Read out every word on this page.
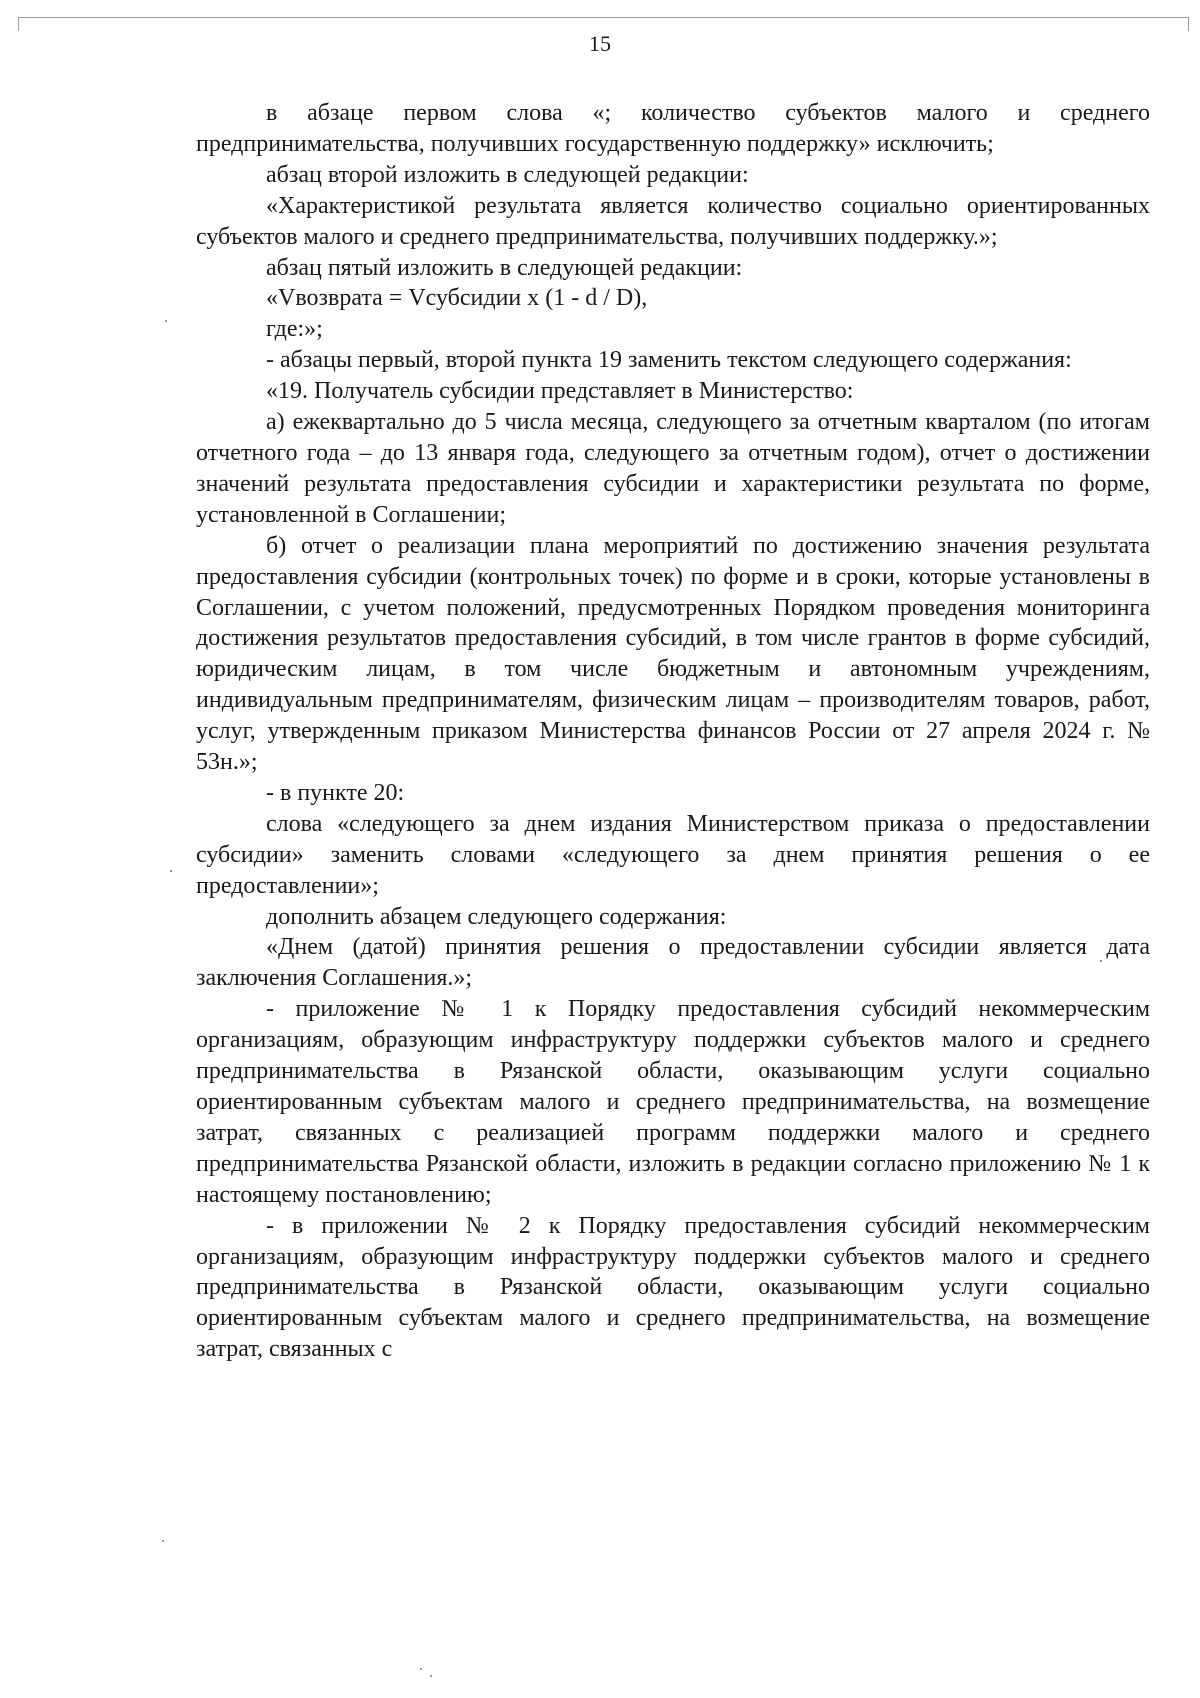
15

в абзаце первом слова «; количество субъектов малого и среднего предпринимательства, получивших государственную поддержку» исключить;

абзац второй изложить в следующей редакции:

«Характеристикой результата является количество социально ориентированных субъектов малого и среднего предпринимательства, получивших поддержку.»;

абзац пятый изложить в следующей редакции:

«Vвозврата = Vсубсидии x (1 - d / D),

где:»;

- абзацы первый, второй пункта 19 заменить текстом следующего содержания:

«19. Получатель субсидии представляет в Министерство:

а) ежеквартально до 5 числа месяца, следующего за отчетным кварталом (по итогам отчетного года – до 13 января года, следующего за отчетным годом), отчет о достижении значений результата предоставления субсидии и характеристики результата по форме, установленной в Соглашении;

б) отчет о реализации плана мероприятий по достижению значения результата предоставления субсидии (контрольных точек) по форме и в сроки, которые установлены в Соглашении, с учетом положений, предусмотренных Порядком проведения мониторинга достижения результатов предоставления субсидий, в том числе грантов в форме субсидий, юридическим лицам, в том числе бюджетным и автономным учреждениям, индивидуальным предпринимателям, физическим лицам – производителям товаров, работ, услуг, утвержденным приказом Министерства финансов России от 27 апреля 2024 г. № 53н.»;

- в пункте 20:

слова «следующего за днем издания Министерством приказа о предоставлении субсидии» заменить словами «следующего за днем принятия решения о ее предоставлении»;

дополнить абзацем следующего содержания:

«Днем (датой) принятия решения о предоставлении субсидии является дата заключения Соглашения.»;

- приложение № 1 к Порядку предоставления субсидий некоммерческим организациям, образующим инфраструктуру поддержки субъектов малого и среднего предпринимательства в Рязанской области, оказывающим услуги социально ориентированным субъектам малого и среднего предпринимательства, на возмещение затрат, связанных с реализацией программ поддержки малого и среднего предпринимательства Рязанской области, изложить в редакции согласно приложению № 1 к настоящему постановлению;

- в приложении № 2 к Порядку предоставления субсидий некоммерческим организациям, образующим инфраструктуру поддержки субъектов малого и среднего предпринимательства в Рязанской области, оказывающим услуги социально ориентированным субъектам малого и среднего предпринимательства, на возмещение затрат, связанных с
